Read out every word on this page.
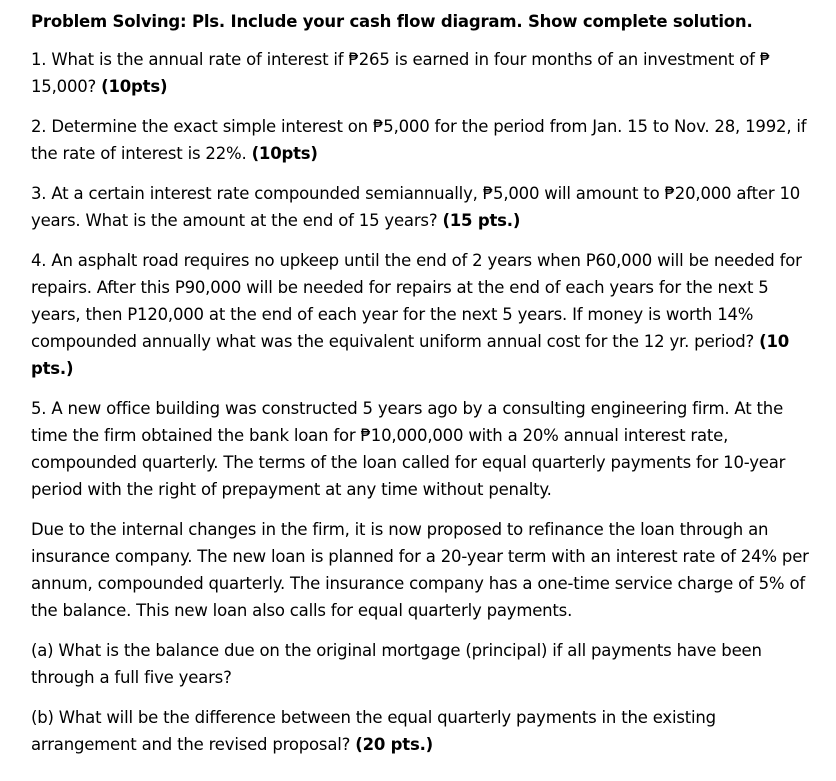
Problem Solving: Pls. Include your cash flow diagram. Show complete solution.

1. What is the annual rate of interest if ₱265 is earned in four months of an investment of ₱ 15,000? (10pts)

2. Determine the exact simple interest on ₱5,000 for the period from Jan. 15 to Nov. 28, 1992, if the rate of interest is 22%. (10pts)

3. At a certain interest rate compounded semiannually, ₱5,000 will amount to ₱20,000 after 10 years. What is the amount at the end of 15 years? (15 pts.)

4. An asphalt road requires no upkeep until the end of 2 years when P60,000 will be needed for repairs. After this P90,000 will be needed for repairs at the end of each years for the next 5 years, then P120,000 at the end of each year for the next 5 years. If money is worth 14% compounded annually what was the equivalent uniform annual cost for the 12 yr. period? (10 pts.)

5. A new office building was constructed 5 years ago by a consulting engineering firm. At the time the firm obtained the bank loan for ₱10,000,000 with a 20% annual interest rate, compounded quarterly. The terms of the loan called for equal quarterly payments for 10-year period with the right of prepayment at any time without penalty.

Due to the internal changes in the firm, it is now proposed to refinance the loan through an insurance company. The new loan is planned for a 20-year term with an interest rate of 24% per annum, compounded quarterly. The insurance company has a one-time service charge of 5% of the balance. This new loan also calls for equal quarterly payments.

(a) What is the balance due on the original mortgage (principal) if all payments have been through a full five years?

(b) What will be the difference between the equal quarterly payments in the existing arrangement and the revised proposal? (20 pts.)
